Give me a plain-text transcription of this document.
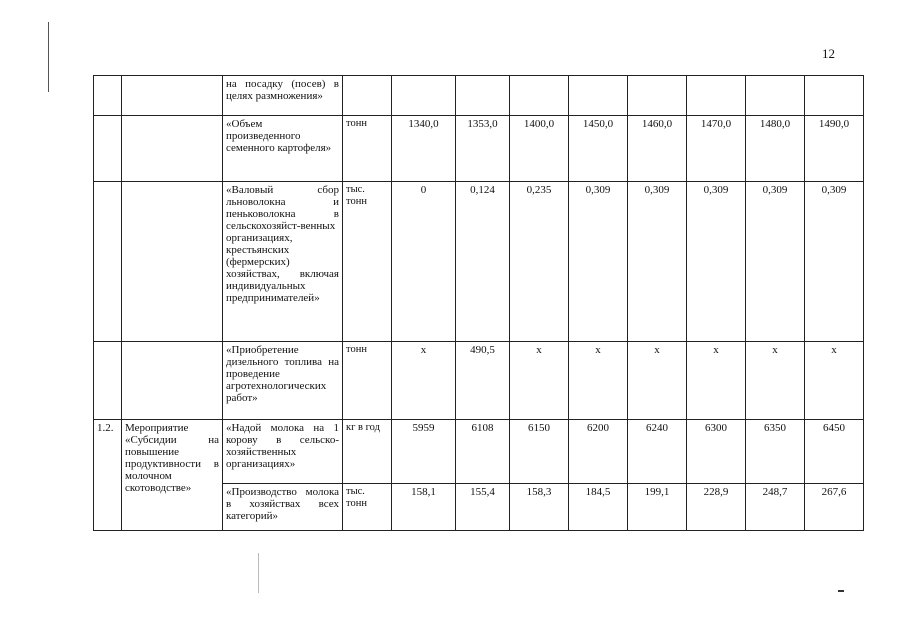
12
		на посадку (посев) в целях размножения»									
		«Объем произведенного семенного картофеля»	тонн	1340,0	1353,0	1400,0	1450,0	1460,0	1470,0	1480,0	1490,0
		«Валовый сбор льноволокна и пеньковолокна в сельскохозяйст-венных организациях, крестьянских (фермерских) хозяйствах, включая индивидуальных предпринимателей»	тыс. тонн	0	0,124	0,235	0,309	0,309	0,309	0,309	0,309
		«Приобретение дизельного топлива на проведение агротехнологических работ»	тонн	х	490,5	х	х	х	х	х	х
1.2.	Мероприятие «Субсидии на повышение продуктивности в молочном скотоводстве»	«Надой молока на 1 корову в сельско-хозяйственных организациях»	кг в год	5959	6108	6150	6200	6240	6300	6350	6450
		«Производство молока в хозяйствах всех категорий»	тыс. тонн	158,1	155,4	158,3	184,5	199,1	228,9	248,7	267,6
